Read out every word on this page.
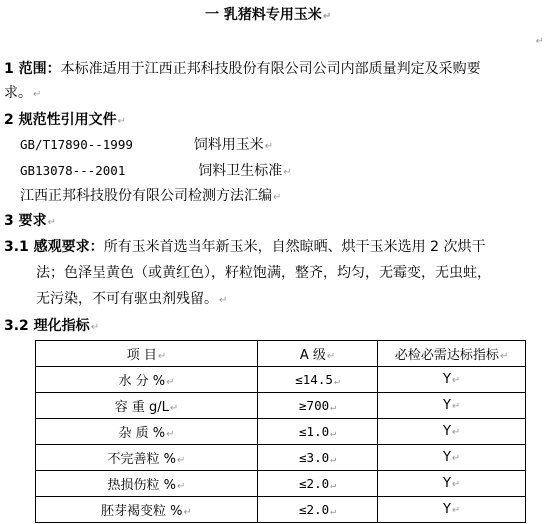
一 乳猪料专用玉米↵
↵
1 范围：本标准适用于江西正邦科技股份有限公司公司内部质量判定及采购要
求。↵
2 规范性引用文件↵
GB/T17890--1999	饲料用玉米↵
GB13078---2001	饲料卫生标准↵
江西正邦科技股份有限公司检测方法汇编↵
3 要求↵
3.1 感观要求：所有玉米首选当年新玉米，自然晾晒、烘干玉米选用 2 次烘干
法；色泽呈黄色（或黄红色），籽粒饱满，整齐，均匀，无霉变，无虫蛀，
无污染，不可有驱虫剂残留。↵
3.2 理化指标↵
项 目↵	A 级↵	必检必需达标指标↵
水 分 %↵	≤14.5↵	Y↵
容 重 g/L↵	≥700↵	Y↵
杂 质 %↵	≤1.0↵	Y↵
不完善粒 %↵	≤3.0↵	Y↵
热损伤粒 %↵	≤2.0↵	Y↵
胚芽褐变粒 %↵	≤2.0↵	Y↵
